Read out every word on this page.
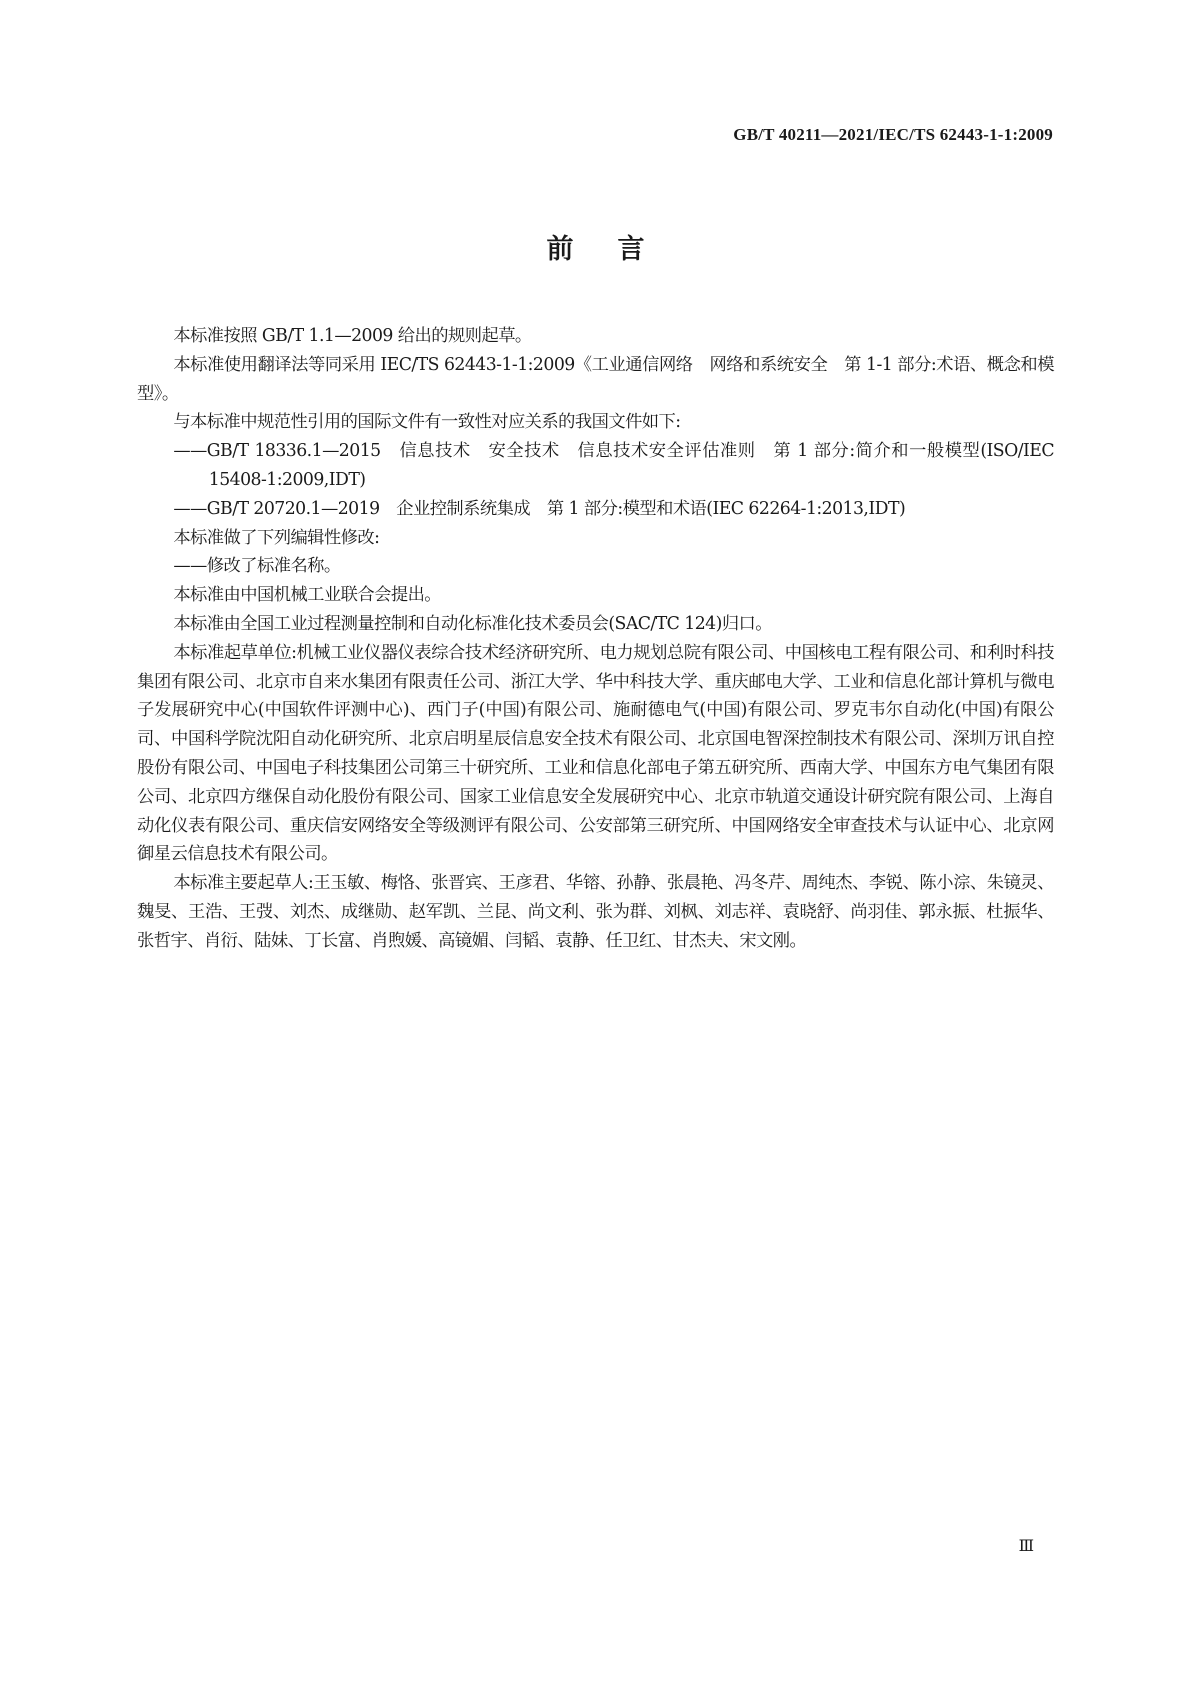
GB/T 40211—2021/IEC/TS 62443-1-1:2009
前言

本标准按照 GB/T 1.1—2009 给出的规则起草。

本标准使用翻译法等同采用 IEC/TS 62443-1-1:2009《工业通信网络　网络和系统安全　第 1-1 部分:术语、概念和模型》。

与本标准中规范性引用的国际文件有一致性对应关系的我国文件如下:

——GB/T 18336.1—2015　信息技术　安全技术　信息技术安全评估准则　第 1 部分:简介和一般模型(ISO/IEC 15408-1:2009,IDT)

——GB/T 20720.1—2019　企业控制系统集成　第 1 部分:模型和术语(IEC 62264-1:2013,IDT)

本标准做了下列编辑性修改:

——修改了标准名称。

本标准由中国机械工业联合会提出。

本标准由全国工业过程测量控制和自动化标准化技术委员会(SAC/TC 124)归口。

本标准起草单位:机械工业仪器仪表综合技术经济研究所、电力规划总院有限公司、中国核电工程有限公司、和利时科技集团有限公司、北京市自来水集团有限责任公司、浙江大学、华中科技大学、重庆邮电大学、工业和信息化部计算机与微电子发展研究中心(中国软件评测中心)、西门子(中国)有限公司、施耐德电气(中国)有限公司、罗克韦尔自动化(中国)有限公司、中国科学院沈阳自动化研究所、北京启明星辰信息安全技术有限公司、北京国电智深控制技术有限公司、深圳万讯自控股份有限公司、中国电子科技集团公司第三十研究所、工业和信息化部电子第五研究所、西南大学、中国东方电气集团有限公司、北京四方继保自动化股份有限公司、国家工业信息安全发展研究中心、北京市轨道交通设计研究院有限公司、上海自动化仪表有限公司、重庆信安网络安全等级测评有限公司、公安部第三研究所、中国网络安全审查技术与认证中心、北京网御星云信息技术有限公司。

本标准主要起草人:王玉敏、梅恪、张晋宾、王彦君、华镕、孙静、张晨艳、冯冬芹、周纯杰、李锐、陈小淙、朱镜灵、魏旻、王浩、王弢、刘杰、成继勋、赵军凯、兰昆、尚文利、张为群、刘枫、刘志祥、袁晓舒、尚羽佳、郭永振、杜振华、张哲宇、肖衍、陆妹、丁长富、肖煦媛、高镜媚、闫韬、袁静、任卫红、甘杰夫、宋文刚。

Ⅲ
